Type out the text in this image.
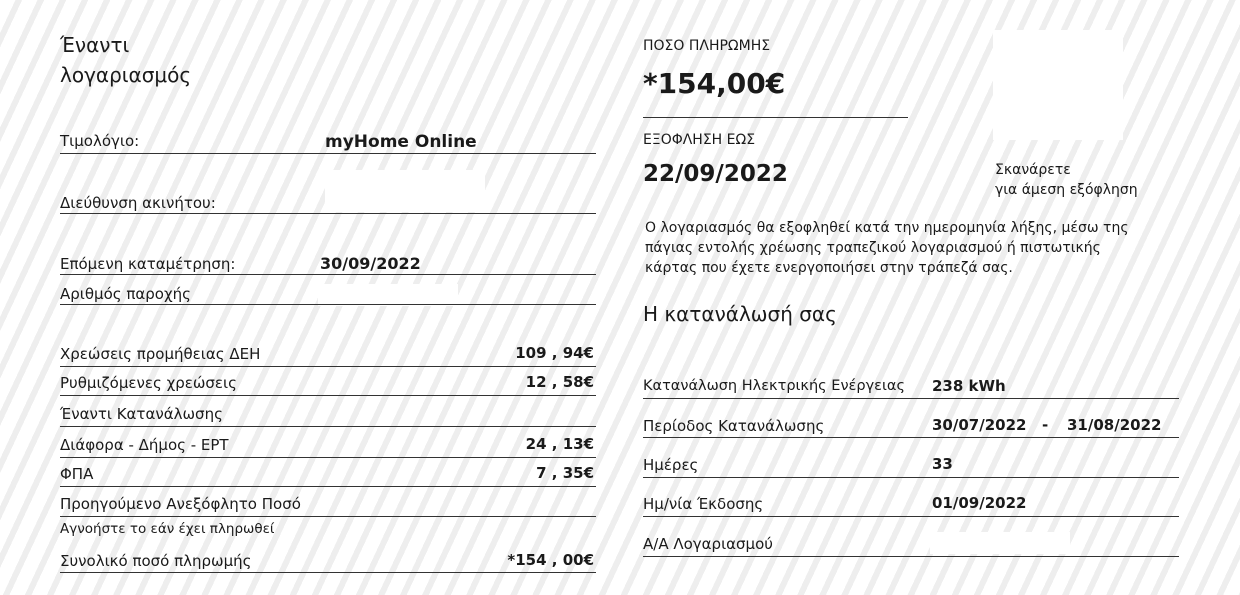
Έναντι
λογαριασμός
Τιμολόγιο:	myHome Online
Διεύθυνση ακινήτου:
Επόμενη καταμέτρηση:	30/09/2022
Αριθμός παροχής
Χρεώσεις προμήθειας ΔΕΗ	109 , 94€
Ρυθμιζόμενες χρεώσεις	12 , 58€
Έναντι Κατανάλωσης
Διάφορα - Δήμος - ΕΡΤ	24 , 13€
ΦΠΑ	7 , 35€
Προηγούμενο Ανεξόφλητο Ποσό
Αγνοήστε το εάν έχει πληρωθεί
Συνολικό ποσό πληρωμής	*154 , 00€
ΠΟΣΟ ΠΛΗΡΩΜΗΣ
*154,00€
ΕΞΟΦΛΗΣΗ ΕΩΣ
22/09/2022	Σκανάρετε
για άμεση εξόφληση
Ο λογαριασμός θα εξοφληθεί κατά την ημερομηνία λήξης, μέσω της
πάγιας εντολής χρέωσης τραπεζικού λογαριασμού ή πιστωτικής
κάρτας που έχετε ενεργοποιήσει στην τράπεζά σας.
Η κατανάλωσή σας
Κατανάλωση Ηλεκτρικής Ενέργειας 238 kWh
Περίοδος Κατανάλωσης	30/07/2022 - 31/08/2022
Ημέρες	33
Ημ/νία Έκδοσης	01/09/2022
Α/Α Λογαριασμού
